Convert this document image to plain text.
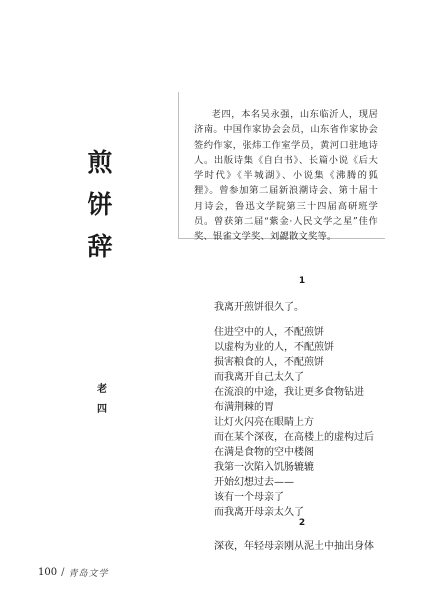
煎
饼
辞

老四，本名吴永强，山东临沂人，现居济南。中国作家协会会员，山东省作家协会签约作家，张炜工作室学员，黄河口驻地诗人。出版诗集《自白书》、长篇小说《后大学时代》《半城湖》、小说集《沸腾的狐狸》。曾参加第二届新浪潮诗会、第十届十月诗会，鲁迅文学院第三十四届高研班学员。曾获第二届“紫金·人民文学之星”佳作奖、银雀文学奖、刘勰散文奖等。

老
四
1
我离开煎饼很久了。
住进空中的人，不配煎饼
以虚构为业的人，不配煎饼
损害粮食的人，不配煎饼
而我离开自己太久了
在流浪的中途，我让更多食物钻进
布满荆棘的胃
让灯火闪亮在眼睛上方
而在某个深夜，在高楼上的虚构过后
在满是食物的空中楼阁
我第一次陷入饥肠辘辘
开始幻想过去——
该有一个母亲了
而我离开母亲太久了
2
深夜，年轻母亲刚从泥土中抽出身体
100 / 青岛文学
